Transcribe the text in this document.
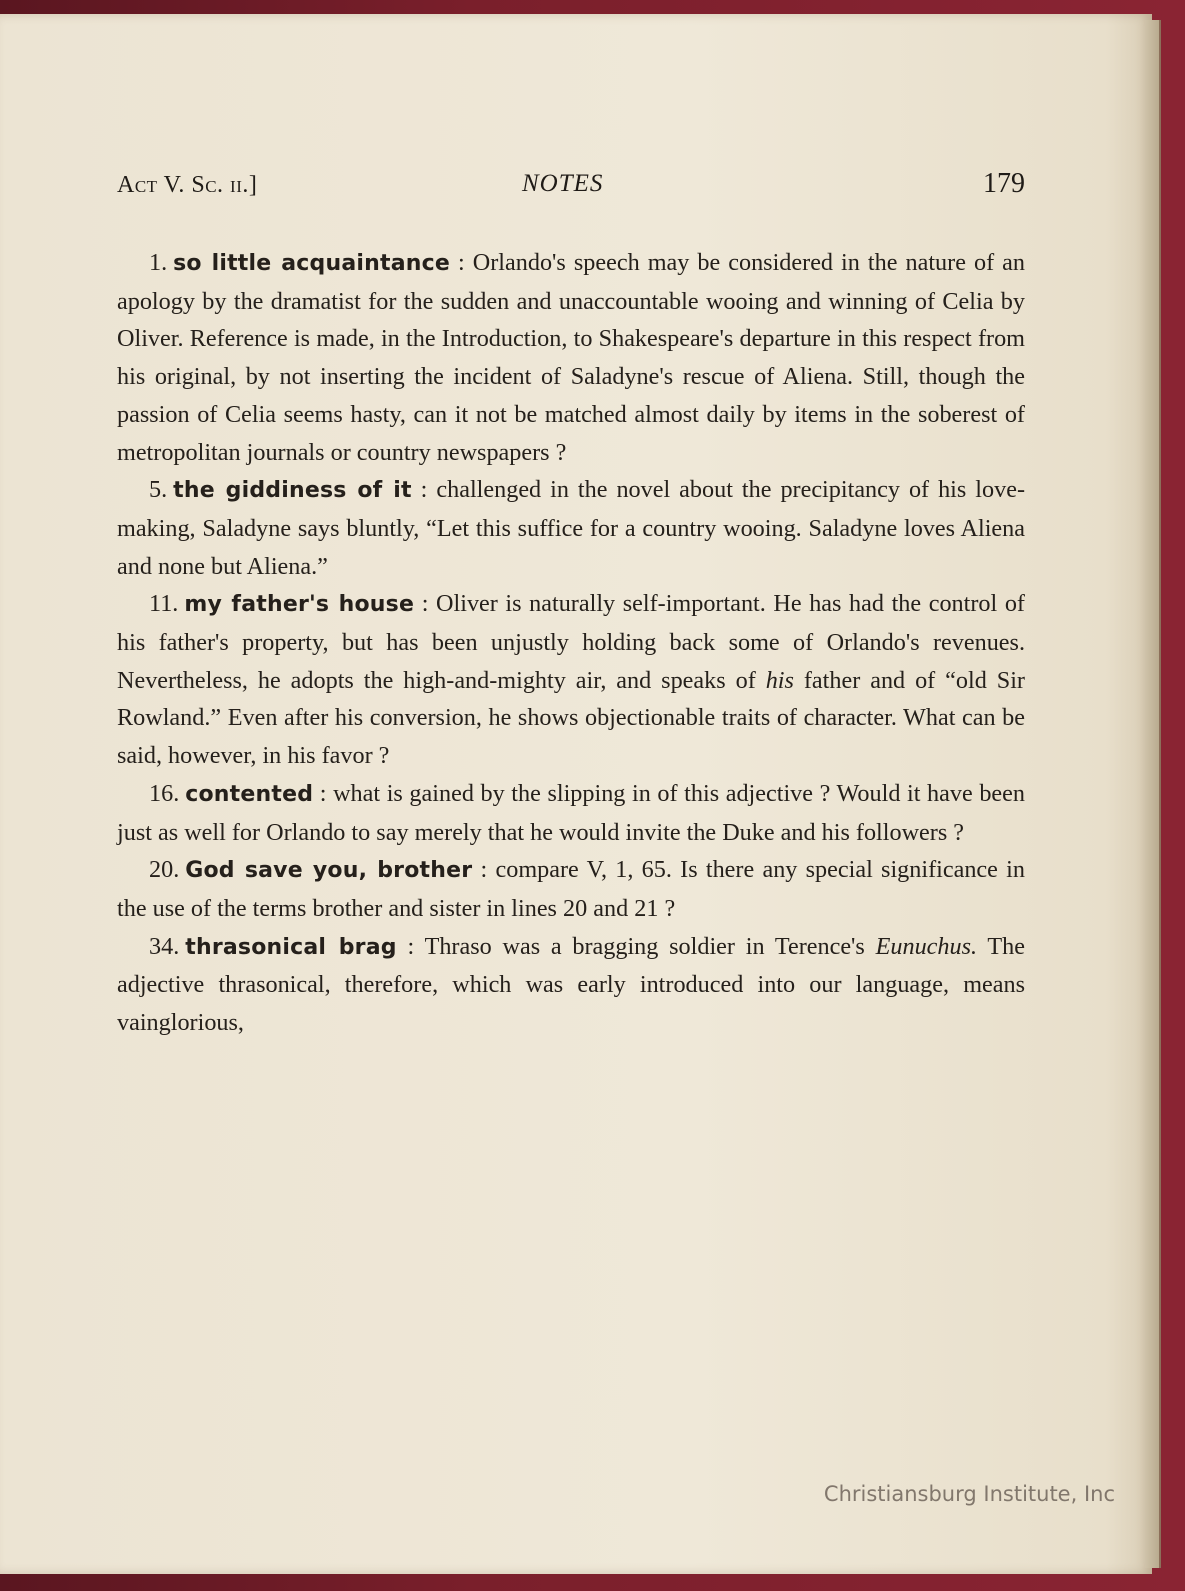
Act V. Sc. ii.]	NOTES	179

1. so little acquaintance : Orlando's speech may be considered in the nature of an apology by the dramatist for the sudden and unaccountable wooing and winning of Celia by Oliver. Reference is made, in the Introduction, to Shakespeare's departure in this respect from his original, by not inserting the incident of Saladyne's rescue of Aliena. Still, though the passion of Celia seems hasty, can it not be matched almost daily by items in the soberest of metropolitan journals or country newspapers ?

5. the giddiness of it : challenged in the novel about the precipitancy of his love-making, Saladyne says bluntly, “Let this suffice for a country wooing. Saladyne loves Aliena and none but Aliena.”

11. my father's house : Oliver is naturally self-important. He has had the control of his father's property, but has been unjustly holding back some of Orlando's revenues. Nevertheless, he adopts the high-and-mighty air, and speaks of his father and of “old Sir Rowland.” Even after his conversion, he shows objectionable traits of character. What can be said, however, in his favor ?

16. contented : what is gained by the slipping in of this adjective ? Would it have been just as well for Orlando to say merely that he would invite the Duke and his followers ?

20. God save you, brother : compare V, 1, 65. Is there any special significance in the use of the terms brother and sister in lines 20 and 21 ?

34. thrasonical brag : Thraso was a bragging soldier in Terence's Eunuchus. The adjective thrasonical, therefore, which was early introduced into our language, means vainglorious,

Christiansburg Institute, Inc
